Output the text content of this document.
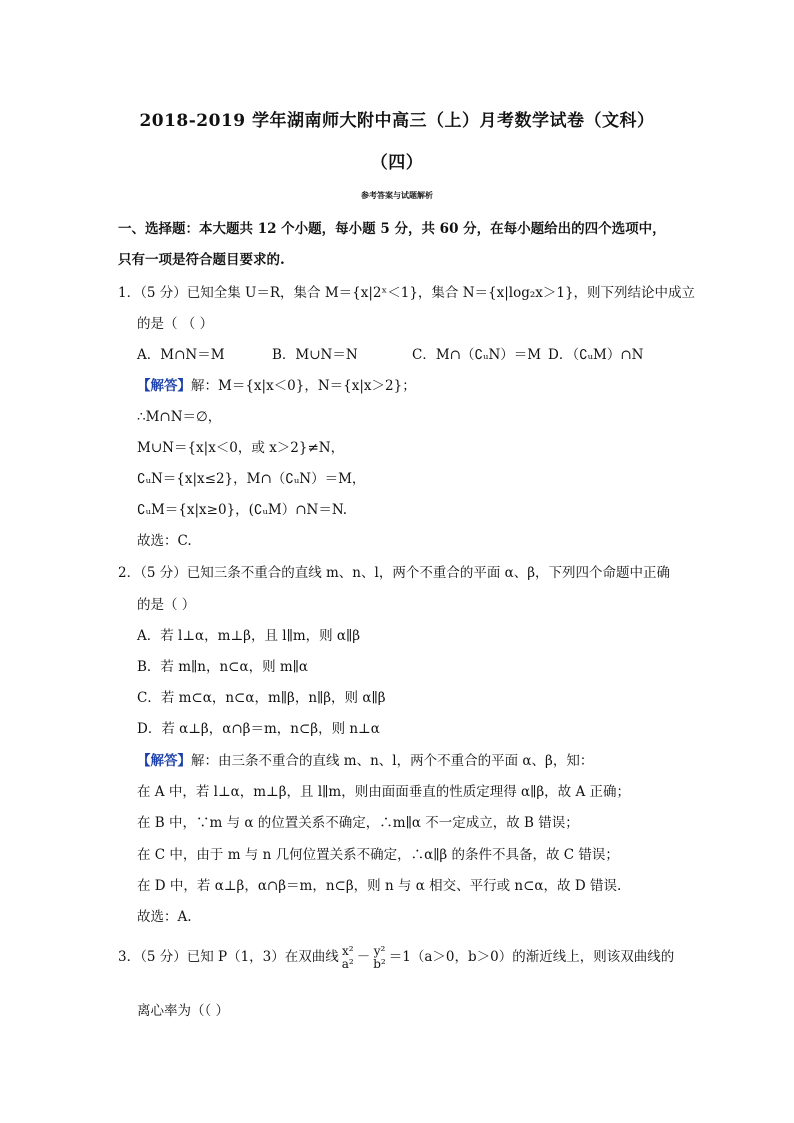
2018-2019 学年湖南师大附中高三（上）月考数学试卷（文科）
（四）
参考答案与试题解析
一、选择题：本大题共 12 个小题，每小题 5 分，共 60 分，在每小题给出的四个选项中，
只有一项是符合题目要求的.
1．（5 分）已知全集 U＝R，集合 M＝{x|2ˣ＜1}，集合 N＝{x|log₂x＞1}，则下列结论中成立
的是（ （ ）
A．M∩N＝M	B．M∪N＝N	C．M∩（∁ᵤN）＝M D．（∁ᵤM）∩N
【解答】解：M＝{x|x＜0}，N＝{x|x＞2}；
∴M∩N＝∅，
M∪N＝{x|x＜0，或 x＞2}≠N，
∁ᵤN＝{x|x≤2}，M∩（∁ᵤN）＝M，
∁ᵤM＝{x|x≥0}，(∁ᵤM）∩N＝N.
故选：C.
2．（5 分）已知三条不重合的直线 m、n、l，两个不重合的平面 α、β，下列四个命题中正确
的是（ ）
A．若 l⊥α，m⊥β，且 l∥m，则 α∥β
B．若 m∥n，n⊂α，则 m∥α
C．若 m⊂α，n⊂α，m∥β，n∥β，则 α∥β
D．若 α⊥β，α∩β＝m，n⊂β，则 n⊥α
【解答】解：由三条不重合的直线 m、n、l，两个不重合的平面 α、β，知：
在 A 中，若 l⊥α，m⊥β，且 l∥m，则由面面垂直的性质定理得 α∥β，故 A 正确；
在 B 中，∵m 与 α 的位置关系不确定，∴m∥α 不一定成立，故 B 错误；
在 C 中，由于 m 与 n 几何位置关系不确定，∴α∥β 的条件不具备，故 C 错误；
在 D 中，若 α⊥β，α∩β＝m，n⊂β，则 n 与 α 相交、平行或 n⊂α，故 D 错误.
故选：A.
3．（5 分）已知 P（1，3）在双曲线 x²
a² － y²
b² ＝1（a＞0，b＞0）的渐近线上，则该双曲线的
离心率为（（ ）
